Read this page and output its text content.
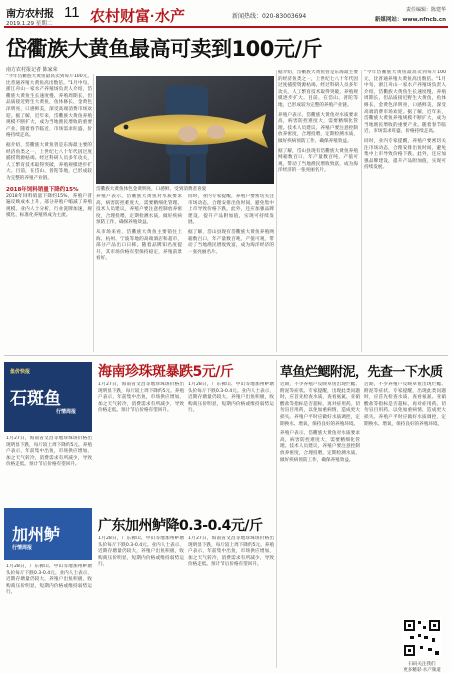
南方农村报 11 农村财富·水产
2019.1.29 星期二
新闻热线：020-83003694
责任编辑：陈建华
新媒网站：www.nfncb.cn
岱衢族大黄鱼最高可卖到100元/斤
南方农村报记者 陈家荣

"今年岱衢族大黄鱼最高卖到每斤100元，比普通养殖大黄鱼高出数倍。"1月中旬，浙江舟山一家水产养殖场负责人介绍，岱衢族大黄鱼生长速度慢、养殖周期长，但品质接近野生大黄鱼，鱼体修长、金黄色泽明亮，口感鲜美，深受高端消费市场欢迎。据了解，近年来，岱衢族大黄鱼养殖规模不断扩大，成为当地渔民增收的重要产业。随着春节临近，市场需求旺盛，价格持续走高。

据介绍，岱衢族大黄鱼曾是东海最主要的经济鱼类之一，上世纪七八十年代因过度捕捞资源枯竭。经过科研人员多年攻关，人工繁育技术取得突破，养殖规模逐步扩大。目前，在岱山、普陀等地，已形成较为完整的养殖产业链。

2018年饲料销量下降约15%

2018年饲料销量下降约15%，养殖户普遍反映成本上升，部分养殖户缩减了养殖规模。业内人士分析，行业洗牌加速，规模化、标准化养殖将成为主流。

岱衢族大黄鱼体色金黄明亮，口感鲜，受到消费者喜爱

养殖户表示，岱衢族大黄鱼对水质要求高，病害防控难度大，需要精细化管理。技术人员建议，养殖户要注意控制放养密度，合理投喂，定期检测水质，做好疾病预防工作，确保养殖效益。

从市场来看，岱衢族大黄鱼主要销往上海、杭州、宁波等地的高端酒店和超市，部分产品出口日韩。随着品牌知名度提升，其市场价格有望保持稳定，养殖前景看好。

同时，业内专家提醒，养殖户要密切关注市场动态，合理安排出鱼时间，避免集中上市导致价格下跌。此外，还应加强品牌建设，提升产品附加值，实现可持续发展。

据了解，岱山县现有岱衢族大黄鱼养殖网箱数百口，年产量数百吨，产值可观，带动了当地渔民增收致富，成为海洋经济的一张亮丽名片。

据介绍，岱衢族大黄鱼曾是东海最主要的经济鱼类之一，上世纪七八十年代因过度捕捞资源枯竭。经过科研人员多年攻关，人工繁育技术取得突破，养殖规模逐步扩大。目前，在岱山、普陀等地，已形成较为完整的养殖产业链。

养殖户表示，岱衢族大黄鱼对水质要求高，病害防控难度大，需要精细化管理。技术人员建议，养殖户要注意控制放养密度，合理投喂，定期检测水质，做好疾病预防工作，确保养殖效益。

据了解，岱山县现有岱衢族大黄鱼养殖网箱数百口，年产量数百吨，产值可观，带动了当地渔民增收致富，成为海洋经济的一张亮丽名片。

"今年岱衢族大黄鱼最高卖到每斤100元，比普通养殖大黄鱼高出数倍。"1月中旬，浙江舟山一家水产养殖场负责人介绍，岱衢族大黄鱼生长速度慢、养殖周期长，但品质接近野生大黄鱼，鱼体修长、金黄色泽明亮，口感鲜美，深受高端消费市场欢迎。据了解，近年来，岱衢族大黄鱼养殖规模不断扩大，成为当地渔民增收的重要产业。随着春节临近，市场需求旺盛，价格持续走高。

同时，业内专家提醒，养殖户要密切关注市场动态，合理安排出鱼时间，避免集中上市导致价格下跌。此外，还应加强品牌建设，提升产品附加值，实现可持续发展。

鱼价快报
石斑鱼
行情周报

1月27日，海南省文昌等地珍珠斑价格出现明显下跌，每斤较上周下降约5元。养殖户表示，年前集中出鱼，市场供应增加，加之天气转冷，消费需求有所减少，导致价格走低。预计节后价格有望回升。

加州鲈
行情周报

1月28日，广东佛山、中山等地加州鲈塘头价每斤下跌0.3-0.4元。业内人士表示，近期存塘量仍较大，养殖户出鱼积极，收购商压价明显，短期内价格或维持弱势运行。

海南珍珠斑暴跌5元/斤

1月27日，海南省文昌等地珍珠斑价格出现明显下跌，每斤较上周下降约5元。养殖户表示，年前集中出鱼，市场供应增加，加之天气转冷，消费需求有所减少，导致价格走低。预计节后价格有望回升。

1月28日，广东佛山、中山等地加州鲈塘头价每斤下跌0.3-0.4元。业内人士表示，近期存塘量仍较大，养殖户出鱼积极，收购商压价明显，短期内价格或维持弱势运行。

广东加州鲈降0.3-0.4元/斤

1月28日，广东佛山、中山等地加州鲈塘头价每斤下跌0.3-0.4元。业内人士表示，近期存塘量仍较大，养殖户出鱼积极，收购商压价明显，短期内价格或维持弱势运行。

1月27日，海南省文昌等地珍珠斑价格出现明显下跌，每斤较上周下降约5元。养殖户表示，年前集中出鱼，市场供应增加，加之天气转冷，消费需求有所减少，导致价格走低。预计节后价格有望回升。

草鱼烂鳃附泥，先查一下水质

近期，不少养殖户反映草鱼出现烂鳃、附泥等症状。专家提醒，出现此类问题时，应首先检查水质，查看氨氮、亚硝酸盐等指标是否超标，再对症用药。切勿盲目用药，以免加重病情，造成更大损失。养殖户平时应做好水质调控，定期换水、增氧，保持良好的养殖环境。

养殖户表示，岱衢族大黄鱼对水质要求高，病害防控难度大，需要精细化管理。技术人员建议，养殖户要注意控制放养密度，合理投喂，定期检测水质，做好疾病预防工作，确保养殖效益。

近期，不少养殖户反映草鱼出现烂鳃、附泥等症状。专家提醒，出现此类问题时，应首先检查水质，查看氨氮、亚硝酸盐等指标是否超标，再对症用药。切勿盲目用药，以免加重病情，造成更大损失。养殖户平时应做好水质调控，定期换水、增氧，保持良好的养殖环境。

扫码关注我们
更多精彩·水产频道
